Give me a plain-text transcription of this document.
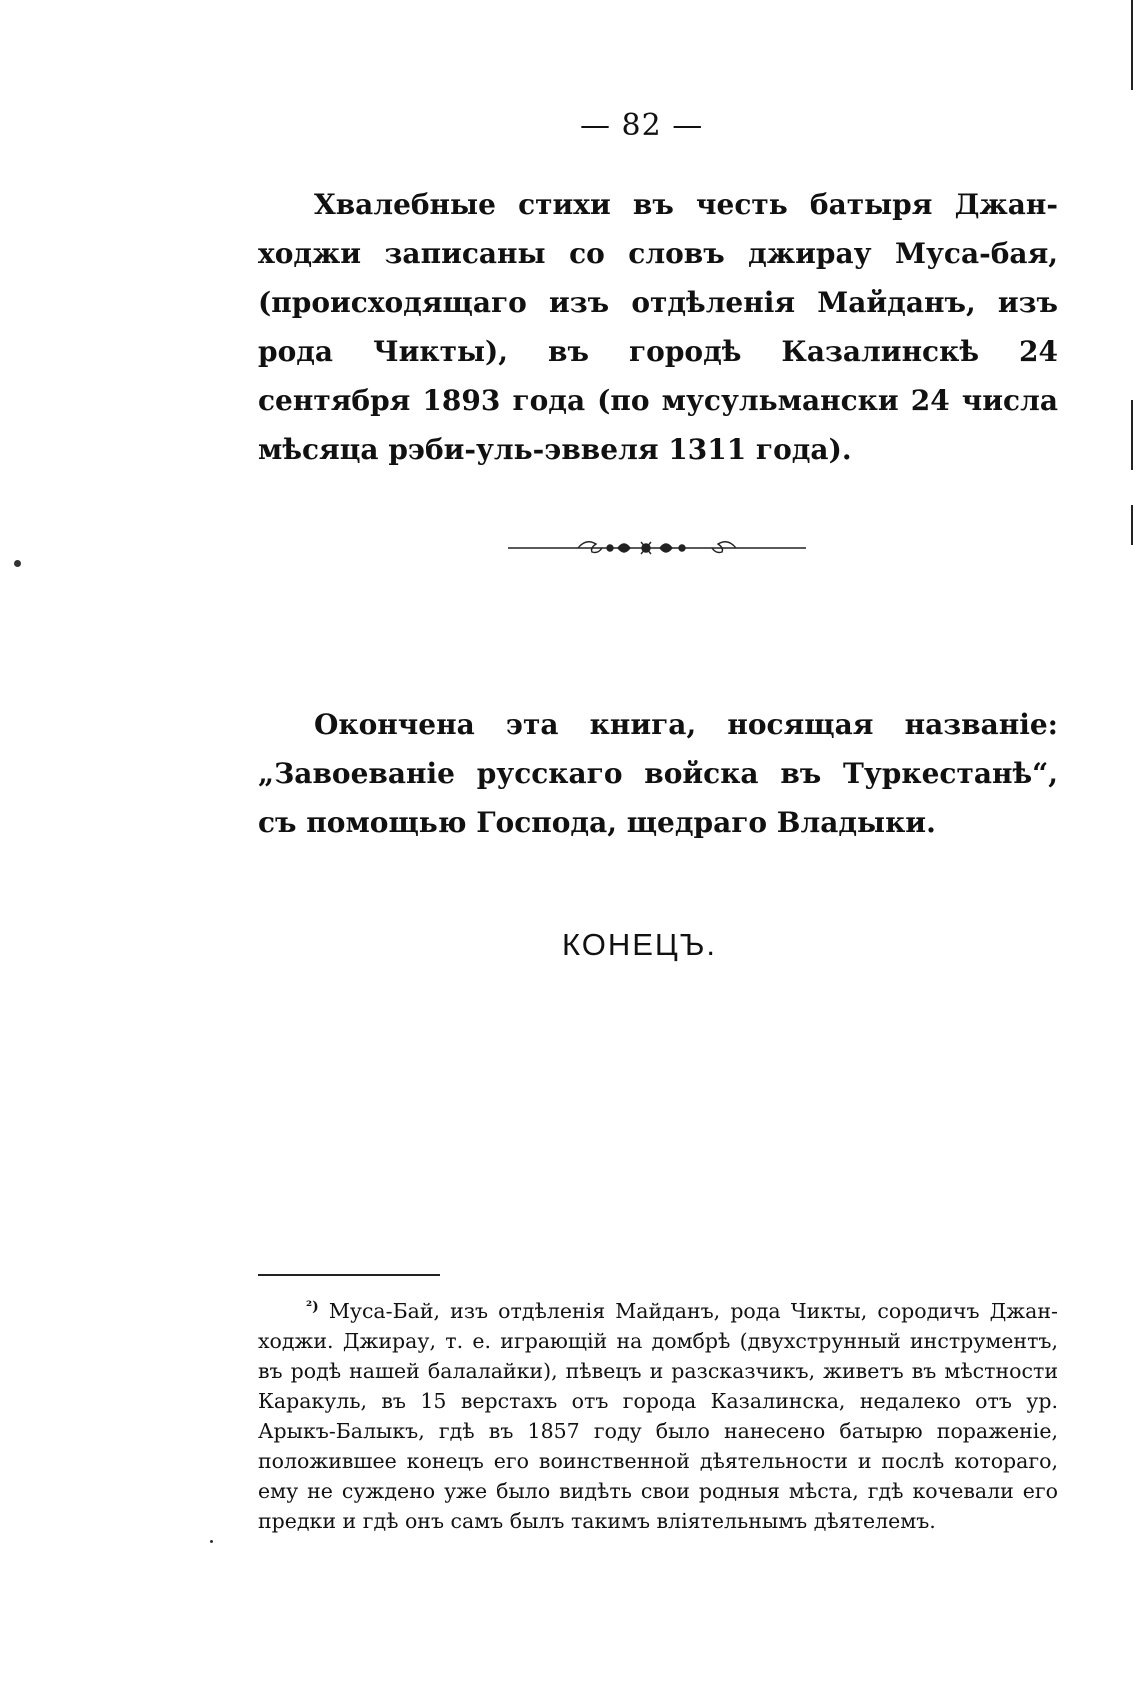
— 82 —
Хвалебные стихи въ честь батыря Джан-ходжи записаны со словъ джирау Муса-бая, (происходящаго изъ отдѣленія Майданъ, изъ рода Чикты), въ городѣ Казалинскѣ 24 сентября 1893 года (по мусульмански 24 числа мѣсяца рэби-уль-эввеля 1311 года).
Окончена эта книга, носящая названіе: „Завоеваніе русскаго войска въ Туркестанѣ“, съ помощью Господа, щедраго Владыки.
КОНЕЦЪ.
$^{^2)}$ Муса-Бай, изъ отдѣленія Майданъ, рода Чикты, сородичъ Джан-ходжи. Джирау, т. е. играющій на домбрѣ (двухструнный инструментъ, въ родѣ нашей балалайки), пѣвецъ и разсказчикъ, живетъ въ мѣстности Каракуль, въ 15 верстахъ отъ города Казалинска, недалеко отъ ур. Арыкъ-Балыкъ, гдѣ въ 1857 году было нанесено батырю пораженіе, положившее конецъ его воинственной дѣятельности и послѣ котораго, ему не суждено уже было видѣть свои родныя мѣста, гдѣ кочевали его предки и гдѣ онъ самъ былъ такимъ вліятельнымъ дѣятелемъ.
